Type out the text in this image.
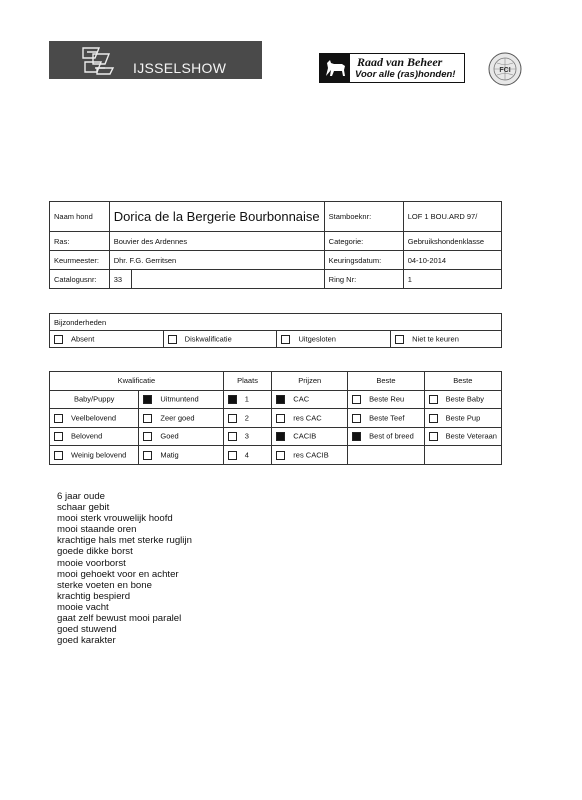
IJSSELSHOW	Raad van Beheer
Voor alle (ras)honden!	FCI
Naam hond	Dorica de la Bergerie Bourbonnaise	Stamboeknr:	LOF 1 BOU.ARD 97/
Ras:	Bouvier des Ardennes	Categorie:	Gebruikshondenklasse
Keurmeester:	Dhr. F.G. Gerritsen	Keuringsdatum:	04-10-2014
Catalogusnr:	33	Ring Nr:	1
Bijzonderheden
Absent	Diskwalificatie	Uitgesloten	Niet te keuren
Kwalificatie		Plaats	Prijzen	Beste	Beste
Baby/Puppy	Uitmuntend	1	CAC	Beste Reu	Beste Baby
Veelbelovend	Zeer goed	2	res CAC	Beste Teef	Beste Pup
Belovend	Goed	3	CACIB	Best of breed	Beste Veteraan
Weinig belovend	Matig	4	res CACIB		
6 jaar oude
schaar gebit
mooi sterk vrouwelijk hoofd
mooi staande oren
krachtige hals met sterke ruglijn
goede dikke borst
mooie voorborst
mooi gehoekt voor en achter
sterke voeten en bone
krachtig bespierd
mooie vacht
gaat zelf bewust mooi paralel
goed stuwend
goed karakter
